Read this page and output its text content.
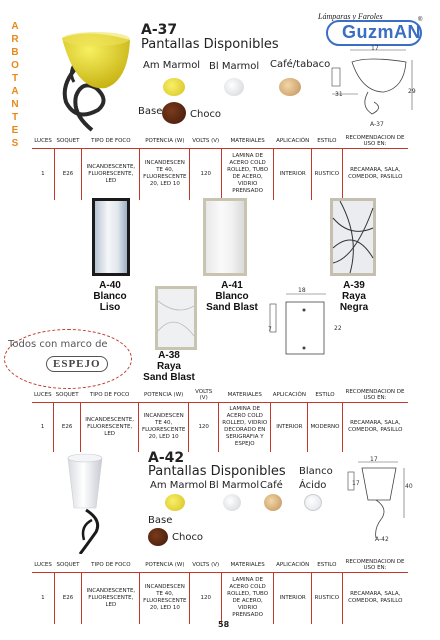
A
R
B
O
T
A
N
T
E
S
Lámparas y Faroles
GuzmAN
®
A-37
Pantallas Disponibles
Am Marmol Bl Marmol Café/tabaco
Base	Choco
17
29
31
A-37
LUCES	SOQUET	TIPO DE FOCO	POTENCIA (W)	VOLTS (V)	MATERIALES	APLICACIÓN	ESTILO	RECOMENDACION DE USO EN:
1	E26	INCANDESCENTE, FLUORESCENTE, LED	INCANDESCEN TE 40, FLUORESCENTE 20, LED 10	120	LAMINA DE ACERO COLD ROLLED, TUBO DE ACERO, VIDRIO PRENSADO	INTERIOR	RUSTICO	RECAMARA, SALA, COMEDOR, PASILLO
A-40
Blanco
Liso
A-41
Blanco
Sand Blast
A-39
Raya
Negra
18
22
7
Todos con marco de
ESPEJO
A-38
Raya
Sand Blast
LUCES	SOQUET	TIPO DE FOCO	POTENCIA (W)	VOLTS (V)	MATERIALES	APLICACIÓN	ESTILO	RECOMENDACION DE USO EN:
1	E26	INCANDESCENTE, FLUORESCENTE, LED	INCANDESCEN TE 40, FLUORESCENTE 20, LED 10	120	LAMINA DE ACERO COLD ROLLED, VIDRIO DECORADO EN SERIGRAFIA Y ESPEJO	INTERIOR	MODERNO	RECAMARA, SALA, COMEDOR, PASILLO
A-42
Pantallas Disponibles
Am Marmol Bl Marmol Café
Blanco
Ácido
Base
Choco
17
40
17
A-42
LUCES	SOQUET	TIPO DE FOCO	POTENCIA (W)	VOLTS (V)	MATERIALES	APLICACIÓN	ESTILO	RECOMENDACION DE USO EN:
1	E26	INCANDESCENTE, FLUORESCENTE, LED	INCANDESCEN TE 40, FLUORESCENTE 20, LED 10	120	LAMINA DE ACERO COLD ROLLED, TUBO DE ACERO, VIDRIO PRENSADO	INTERIOR	RUSTICO	RECAMARA, SALA, COMEDOR, PASILLO
58
